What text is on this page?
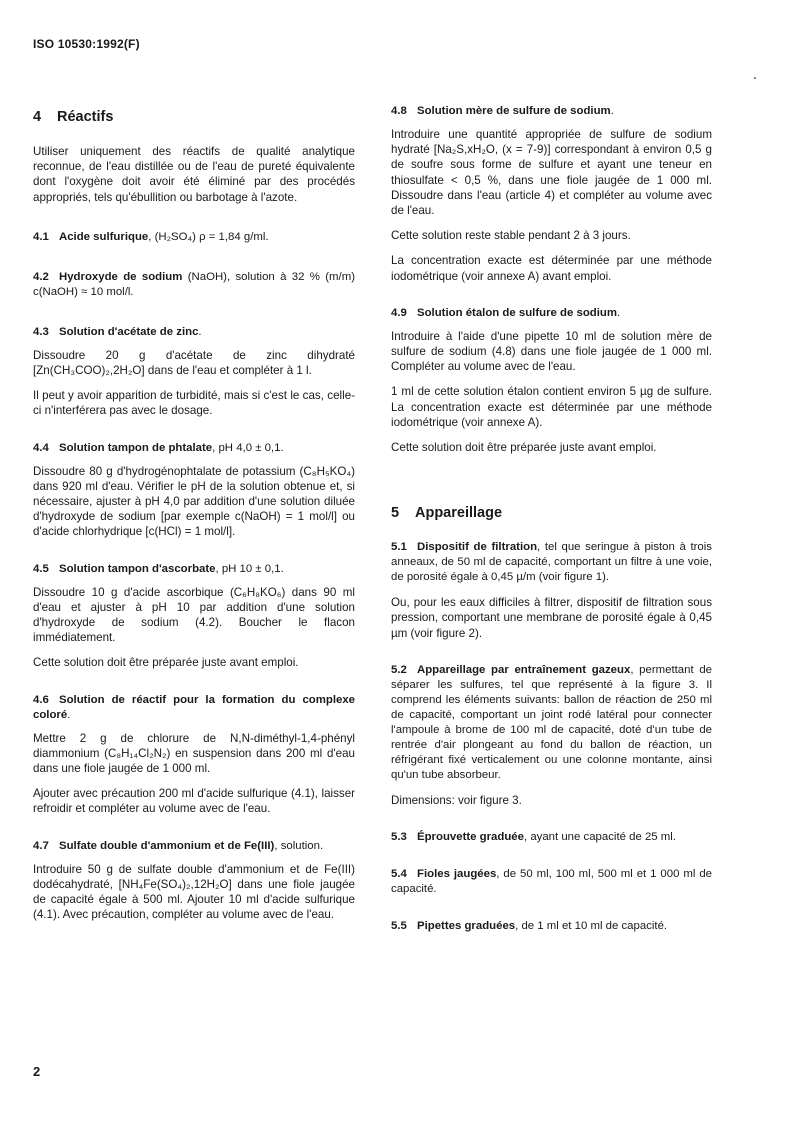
ISO 10530:1992(F)
4 Réactifs

Utiliser uniquement des réactifs de qualité analytique reconnue, de l'eau distillée ou de l'eau de pureté équivalente dont l'oxygène doit avoir été éliminé par des procédés appropriés, tels qu'ébullition ou barbotage à l'azote.

4.1 Acide sulfurique, (H₂SO₄) ρ = 1,84 g/ml.
4.2 Hydroxyde de sodium (NaOH), solution à 32 % (m/m) c(NaOH) ≈ 10 mol/l.
4.3 Solution d'acétate de zinc.

Dissoudre 20 g d'acétate de zinc dihydraté [Zn(CH₃COO)₂,2H₂O] dans de l'eau et compléter à 1 l.

Il peut y avoir apparition de turbidité, mais si c'est le cas, celle-ci n'interférera pas avec le dosage.

4.4 Solution tampon de phtalate, pH 4,0 ± 0,1.

Dissoudre 80 g d'hydrogénophtalate de potassium (C₈H₅KO₄) dans 920 ml d'eau. Vérifier le pH de la solution obtenue et, si nécessaire, ajuster à pH 4,0 par addition d'une solution diluée d'hydroxyde de sodium [par exemple c(NaOH) = 1 mol/l] ou d'acide chlorhydrique [c(HCl) = 1 mol/l].

4.5 Solution tampon d'ascorbate, pH 10 ± 0,1.

Dissoudre 10 g d'acide ascorbique (C₆H₈KO₆) dans 90 ml d'eau et ajuster à pH 10 par addition d'une solution d'hydroxyde de sodium (4.2). Boucher le flacon immédiatement.

Cette solution doit être préparée juste avant emploi.

4.6 Solution de réactif pour la formation du complexe coloré.

Mettre 2 g de chlorure de N,N-diméthyl-1,4-phényl diammonium (C₈H₁₄Cl₂N₂) en suspension dans 200 ml d'eau dans une fiole jaugée de 1 000 ml.

Ajouter avec précaution 200 ml d'acide sulfurique (4.1), laisser refroidir et compléter au volume avec de l'eau.

4.7 Sulfate double d'ammonium et de Fe(III), solution.

Introduire 50 g de sulfate double d'ammonium et de Fe(III) dodécahydraté, [NH₄Fe(SO₄)₂,12H₂O] dans une fiole jaugée de capacité égale à 500 ml. Ajouter 10 ml d'acide sulfurique (4.1). Avec précaution, compléter au volume avec de l'eau.

4.8 Solution mère de sulfure de sodium.

Introduire une quantité appropriée de sulfure de sodium hydraté [Na₂S,xH₂O, (x = 7-9)] correspondant à environ 0,5 g de soufre sous forme de sulfure et ayant une teneur en thiosulfate < 0,5 %, dans une fiole jaugée de 1 000 ml. Dissoudre dans l'eau (article 4) et compléter au volume avec de l'eau.

Cette solution reste stable pendant 2 à 3 jours.

La concentration exacte est déterminée par une méthode iodométrique (voir annexe A) avant emploi.

4.9 Solution étalon de sulfure de sodium.

Introduire à l'aide d'une pipette 10 ml de solution mère de sulfure de sodium (4.8) dans une fiole jaugée de 1 000 ml. Compléter au volume avec de l'eau.

1 ml de cette solution étalon contient environ 5 µg de sulfure. La concentration exacte est déterminée par une méthode iodométrique (voir annexe A).

Cette solution doit être préparée juste avant emploi.

5 Appareillage
5.1 Dispositif de filtration, tel que seringue à piston à trois anneaux, de 50 ml de capacité, comportant un filtre à une voie, de porosité égale à 0,45 µ/m (voir figure 1).

Ou, pour les eaux difficiles à filtrer, dispositif de filtration sous pression, comportant une membrane de porosité égale à 0,45 µm (voir figure 2).

5.2 Appareillage par entraînement gazeux, permettant de séparer les sulfures, tel que représenté à la figure 3. Il comprend les éléments suivants: ballon de réaction de 250 ml de capacité, comportant un joint rodé latéral pour connecter l'ampoule à brome de 100 ml de capacité, doté d'un tube de rentrée d'air plongeant au fond du ballon de réaction, un réfrigérant fixé verticalement ou une colonne montante, ainsi qu'un tube absorbeur.

Dimensions: voir figure 3.

5.3 Éprouvette graduée, ayant une capacité de 25 ml.
5.4 Fioles jaugées, de 50 ml, 100 ml, 500 ml et 1 000 ml de capacité.
5.5 Pipettes graduées, de 1 ml et 10 ml de capacité.
2
